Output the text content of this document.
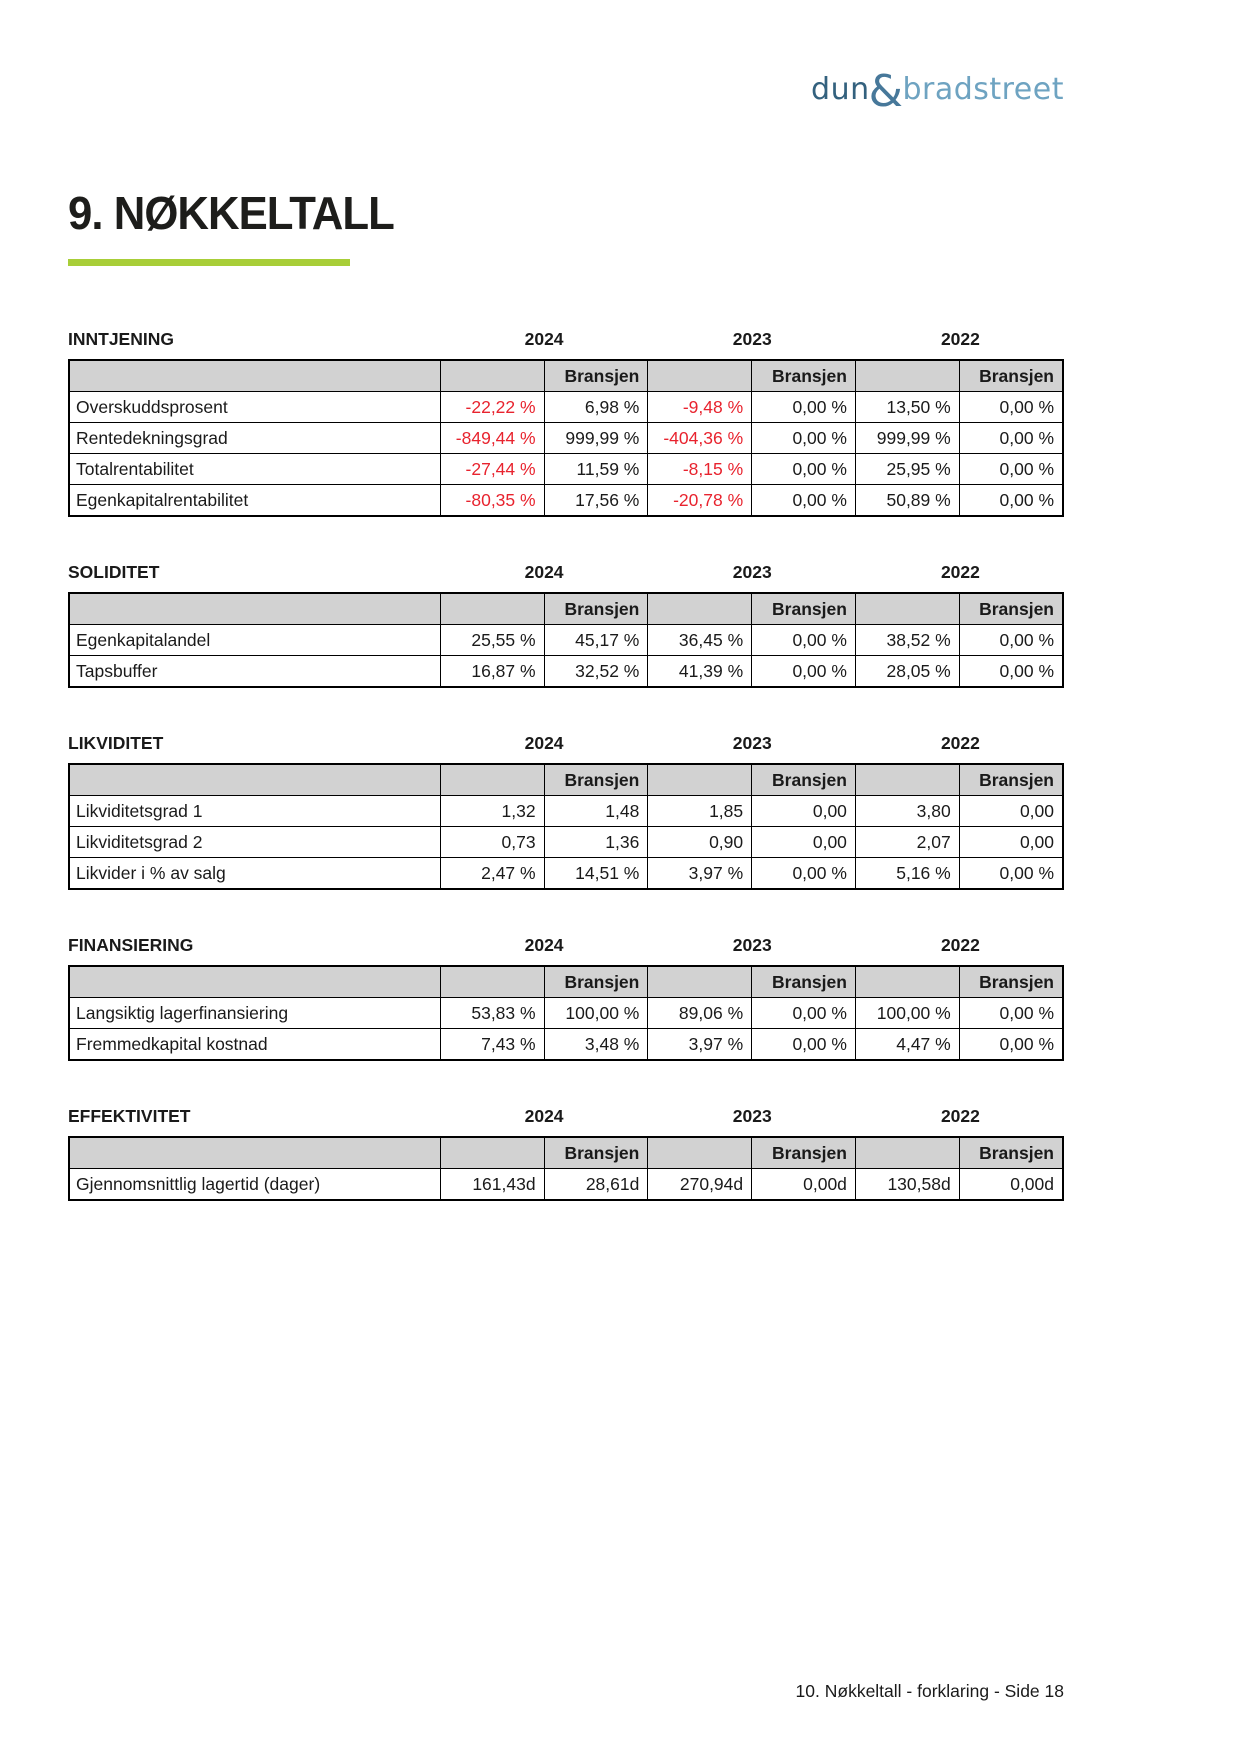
dun&bradstreet
9. NØKKELTALL
INNTJENING	2024	2023	2022
		Bransjen		Bransjen		Bransjen
Overskuddsprosent	-22,22 %	6,98 %	-9,48 %	0,00 %	13,50 %	0,00 %
Rentedekningsgrad	-849,44 %	999,99 %	-404,36 %	0,00 %	999,99 %	0,00 %
Totalrentabilitet	-27,44 %	11,59 %	-8,15 %	0,00 %	25,95 %	0,00 %
Egenkapitalrentabilitet	-80,35 %	17,56 %	-20,78 %	0,00 %	50,89 %	0,00 %
SOLIDITET	2024	2023	2022
		Bransjen		Bransjen		Bransjen
Egenkapitalandel	25,55 %	45,17 %	36,45 %	0,00 %	38,52 %	0,00 %
Tapsbuffer	16,87 %	32,52 %	41,39 %	0,00 %	28,05 %	0,00 %
LIKVIDITET	2024	2023	2022
		Bransjen		Bransjen		Bransjen
Likviditetsgrad 1	1,32	1,48	1,85	0,00	3,80	0,00
Likviditetsgrad 2	0,73	1,36	0,90	0,00	2,07	0,00
Likvider i % av salg	2,47 %	14,51 %	3,97 %	0,00 %	5,16 %	0,00 %
FINANSIERING	2024	2023	2022
		Bransjen		Bransjen		Bransjen
Langsiktig lagerfinansiering	53,83 %	100,00 %	89,06 %	0,00 %	100,00 %	0,00 %
Fremmedkapital kostnad	7,43 %	3,48 %	3,97 %	0,00 %	4,47 %	0,00 %
EFFEKTIVITET	2024	2023	2022
		Bransjen		Bransjen		Bransjen
Gjennomsnittlig lagertid (dager)	161,43d	28,61d	270,94d	0,00d	130,58d	0,00d
10. Nøkkeltall - forklaring - Side 18
